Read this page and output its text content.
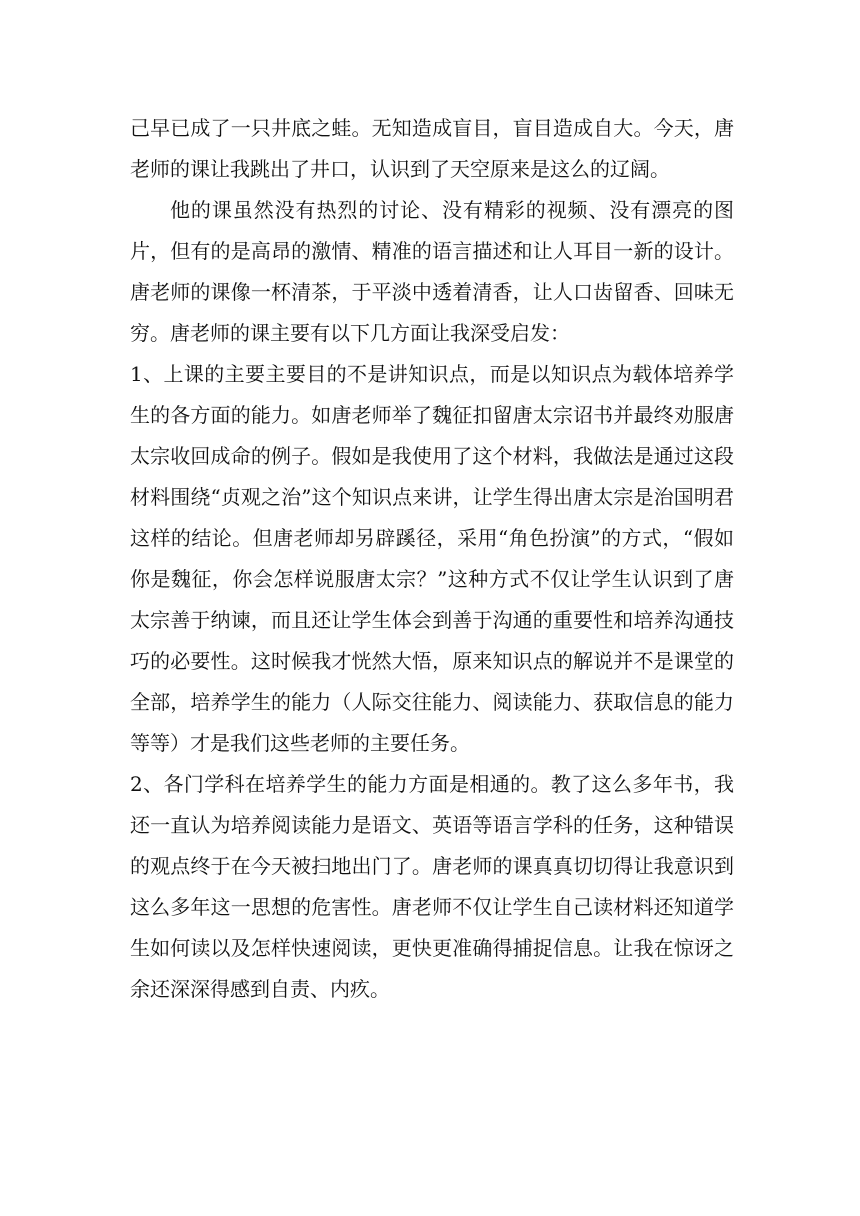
己早已成了一只井底之蛙。无知造成盲目，盲目造成自大。今天，唐老师的课让我跳出了井口，认识到了天空原来是这么的辽阔。

他的课虽然没有热烈的讨论、没有精彩的视频、没有漂亮的图片，但有的是高昂的激情、精准的语言描述和让人耳目一新的设计。唐老师的课像一杯清茶，于平淡中透着清香，让人口齿留香、回味无穷。唐老师的课主要有以下几方面让我深受启发：

1、上课的主要主要目的不是讲知识点，而是以知识点为载体培养学生的各方面的能力。如唐老师举了魏征扣留唐太宗诏书并最终劝服唐太宗收回成命的例子。假如是我使用了这个材料，我做法是通过这段材料围绕“贞观之治”这个知识点来讲，让学生得出唐太宗是治国明君这样的结论。但唐老师却另辟蹊径，采用“角色扮演”的方式，“假如你是魏征，你会怎样说服唐太宗？”这种方式不仅让学生认识到了唐太宗善于纳谏，而且还让学生体会到善于沟通的重要性和培养沟通技巧的必要性。这时候我才恍然大悟，原来知识点的解说并不是课堂的全部，培养学生的能力（人际交往能力、阅读能力、获取信息的能力等等）才是我们这些老师的主要任务。

2、各门学科在培养学生的能力方面是相通的。教了这么多年书，我还一直认为培养阅读能力是语文、英语等语言学科的任务，这种错误的观点终于在今天被扫地出门了。唐老师的课真真切切得让我意识到这么多年这一思想的危害性。唐老师不仅让学生自己读材料还知道学生如何读以及怎样快速阅读，更快更准确得捕捉信息。让我在惊讶之余还深深得感到自责、内疚。
